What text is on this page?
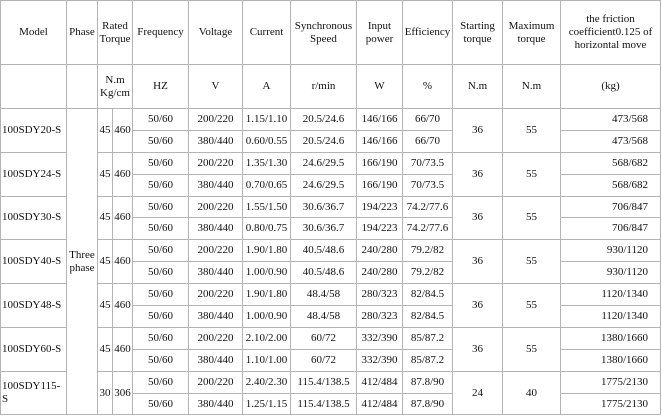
Model	Phase	Rated Torque		Frequency	Voltage	Current	Synchronous Speed	Input power	Efficiency	Starting torque	Maximum torque	the friction coefficient0.125 of horizontal move
		N.m Kg/cm		HZ	V	A	r/min	W	%	N.m	N.m	(kg)
100SDY20-S	Three phase	45	460	50/60	200/220	1.15/1.10	20.5/24.6	146/166	66/70	36	55	473/568
				50/60	380/440	0.60/0.55	20.5/24.6	146/166	66/70			473/568
100SDY24-S		45	460	50/60	200/220	1.35/1.30	24.6/29.5	166/190	70/73.5	36	55	568/682
				50/60	380/440	0.70/0.65	24.6/29.5	166/190	70/73.5			568/682
100SDY30-S		45	460	50/60	200/220	1.55/1.50	30.6/36.7	194/223	74.2/77.6	36	55	706/847
				50/60	380/440	0.80/0.75	30.6/36.7	194/223	74.2/77.6			706/847
100SDY40-S		45	460	50/60	200/220	1.90/1.80	40.5/48.6	240/280	79.2/82	36	55	930/1120
				50/60	380/440	1.00/0.90	40.5/48.6	240/280	79.2/82			930/1120
100SDY48-S		45	460	50/60	200/220	1.90/1.80	48.4/58	280/323	82/84.5	36	55	1120/1340
				50/60	380/440	1.00/0.90	48.4/58	280/323	82/84.5			1120/1340
100SDY60-S		45	460	50/60	200/220	2.10/2.00	60/72	332/390	85/87.2	36	55	1380/1660
				50/60	380/440	1.10/1.00	60/72	332/390	85/87.2			1380/1660
100SDY115-S		30	306	50/60	200/220	2.40/2.30	115.4/138.5	412/484	87.8/90	24	40	1775/2130
				50/60	380/440	1.25/1.15	115.4/138.5	412/484	87.8/90			1775/2130
